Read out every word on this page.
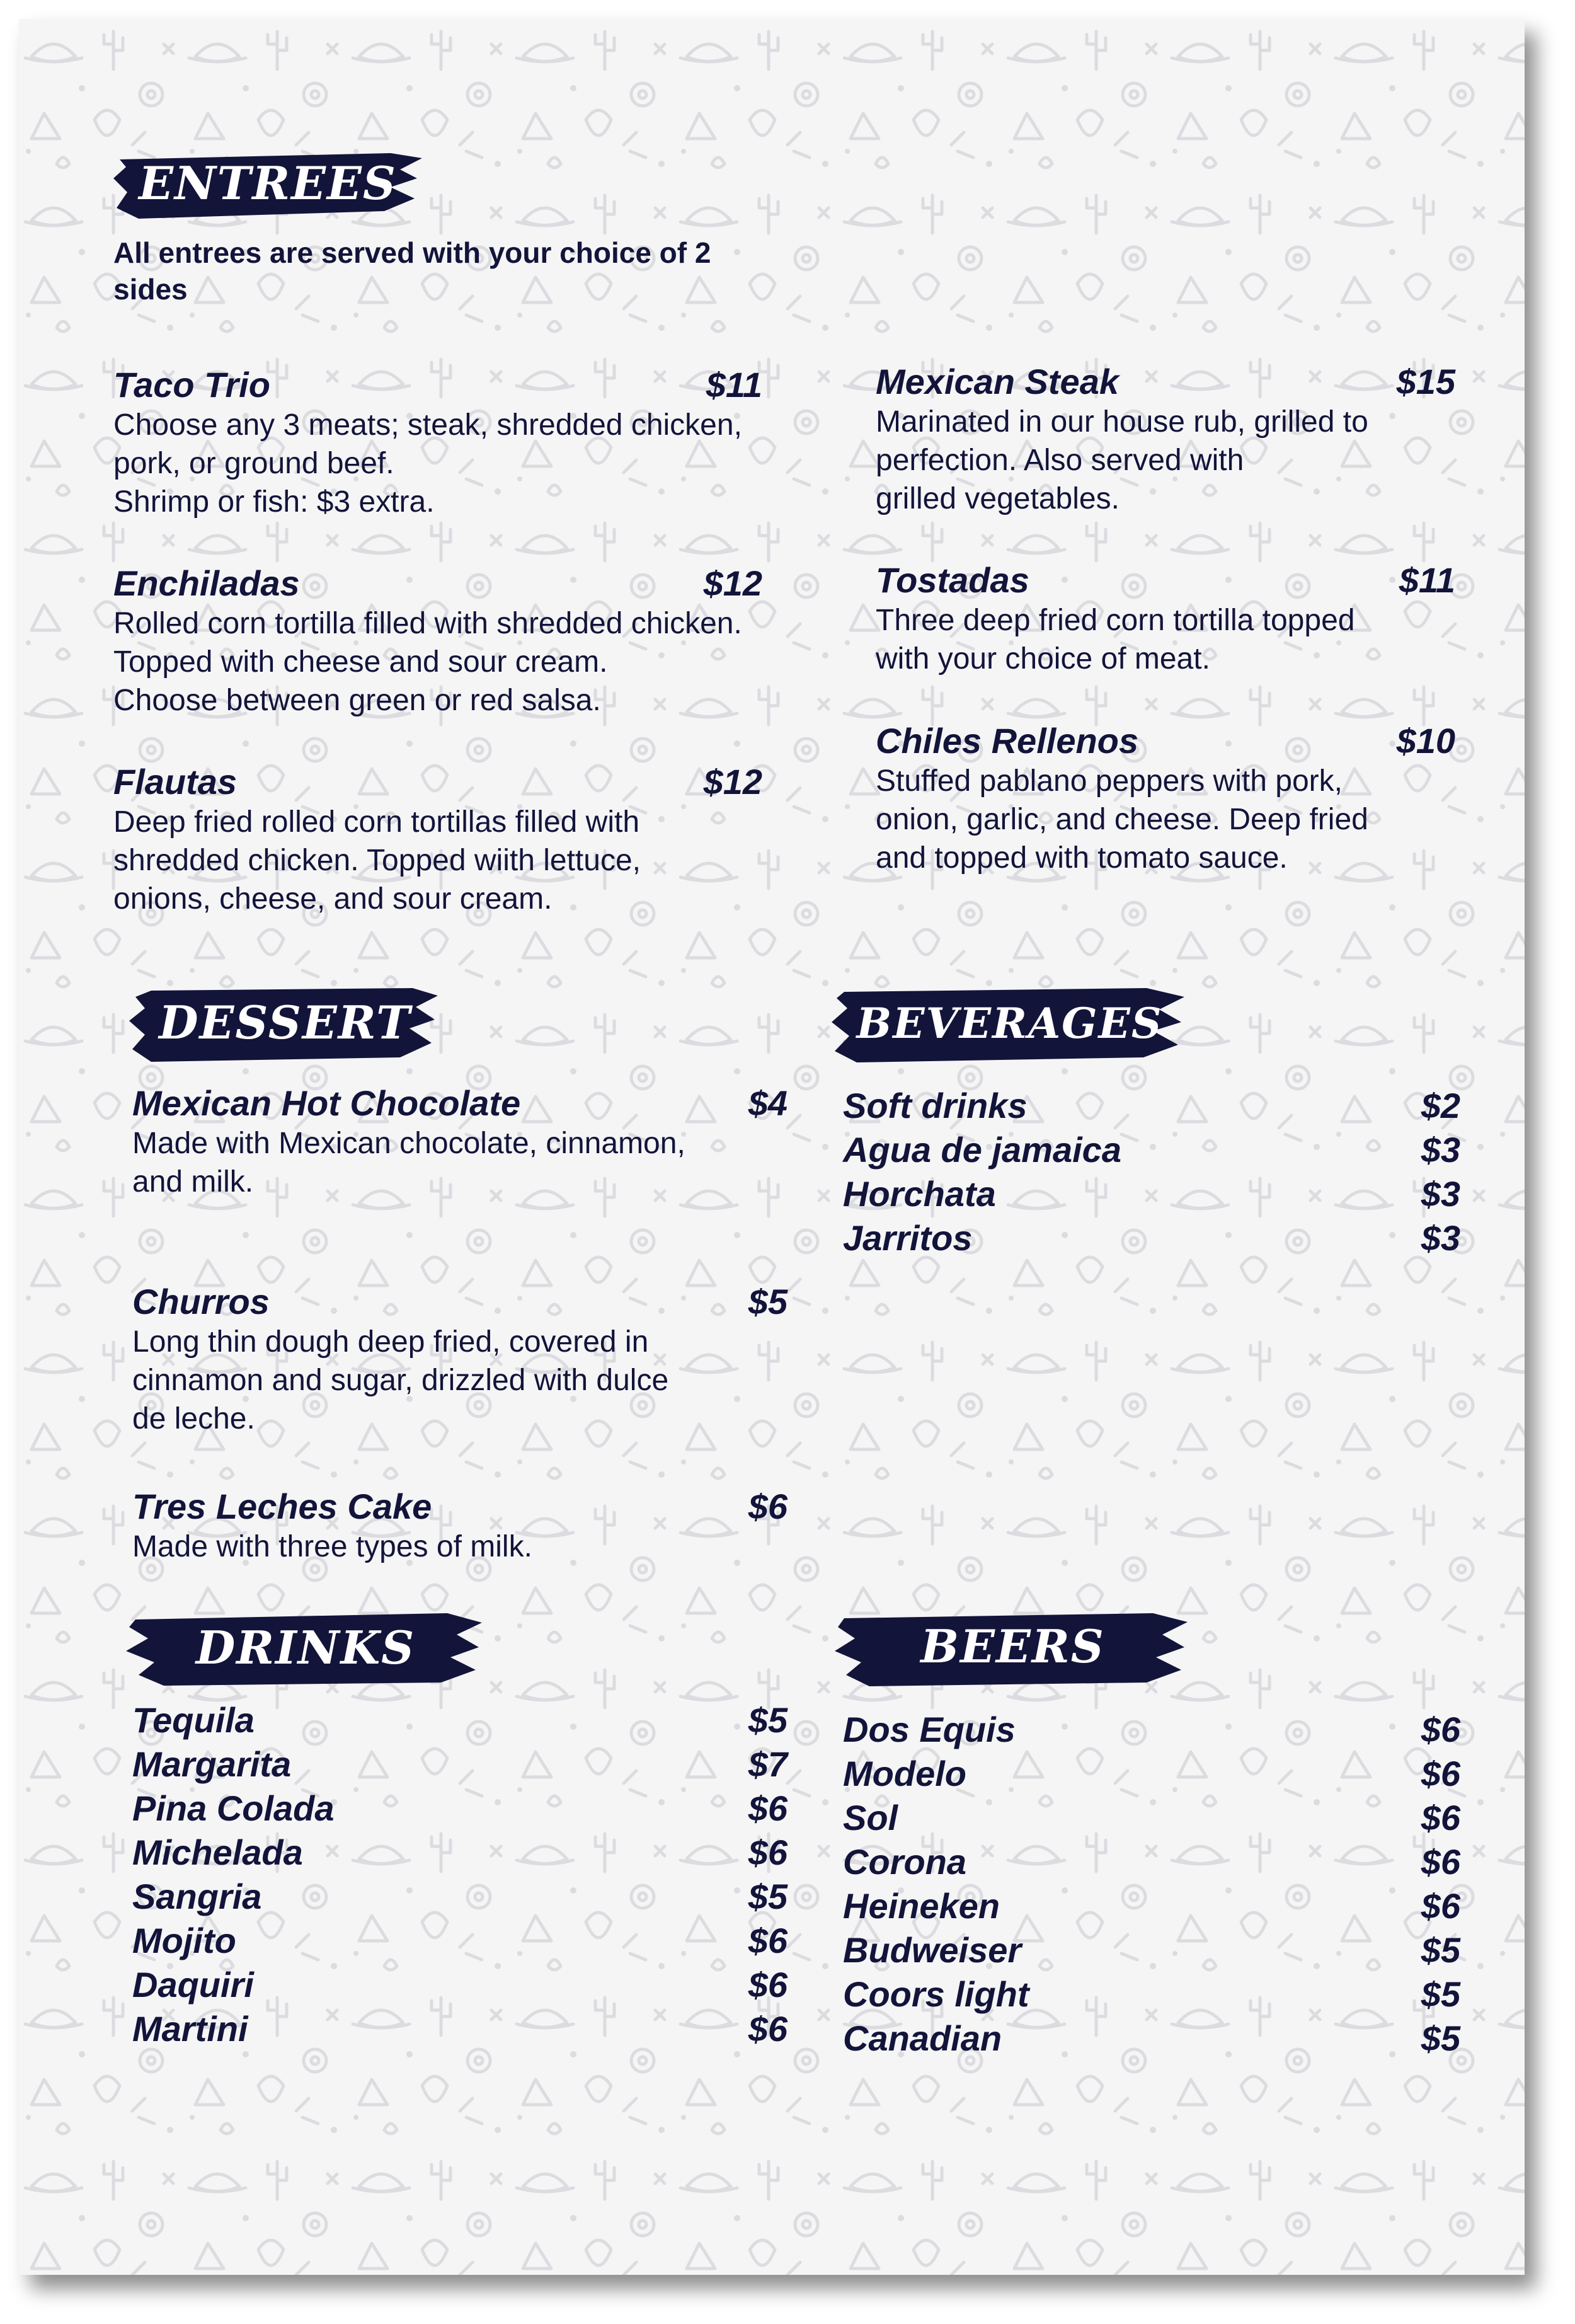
ENTREES
All entrees are served with your choice of 2 sides
Taco Trio	$11
Choose any 3 meats; steak, shredded chicken,
pork, or ground beef.
Shrimp or fish: $3 extra.
Enchiladas	$12
Rolled corn tortilla filled with shredded chicken.
Topped with cheese and sour cream.
Choose between green or red salsa.
Flautas	$12
Deep fried rolled corn tortillas filled with
shredded chicken. Topped wiith lettuce,
onions, cheese, and sour cream.
Mexican Steak	$15
Marinated in our house rub, grilled to
perfection. Also served with
grilled vegetables.
Tostadas	$11
Three deep fried corn tortilla topped
with your choice of meat.
Chiles Rellenos	$10
Stuffed pablano peppers with pork,
onion, garlic, and cheese. Deep fried
and topped with tomato sauce.
DESSERT	BEVERAGES
Mexican Hot Chocolate	$4
Made with Mexican chocolate, cinnamon,
and milk.
Churros	$5
Long thin dough deep fried, covered in
cinnamon and sugar, drizzled with dulce
de leche.
Tres Leches Cake	$6
Made with three types of milk.
Soft drinks	$2
Agua de jamaica	$3
Horchata	$3
Jarritos	$3
DRINKS	BEERS
Tequila	$5
Margarita	$7
Pina Colada	$6
Michelada	$6
Sangria	$5
Mojito	$6
Daquiri	$6
Martini	$6
Dos Equis	$6
Modelo	$6
Sol	$6
Corona	$6
Heineken	$6
Budweiser	$5
Coors light	$5
Canadian	$5
